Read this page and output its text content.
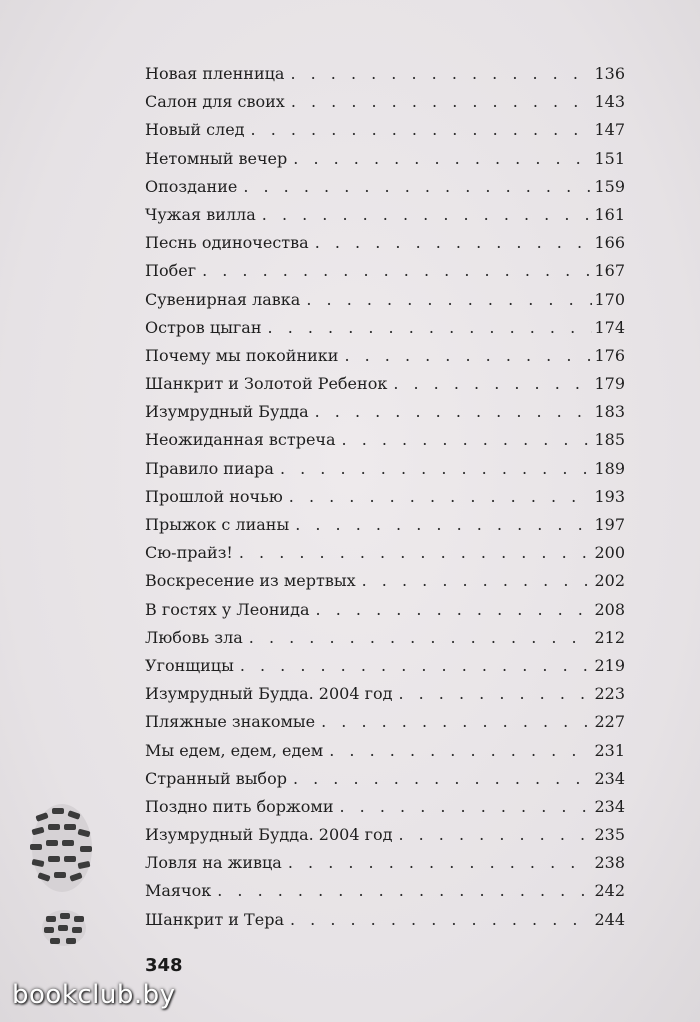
Новая пленница . . .	136
Салон для своих . . .	143
Новый след . . .	147
Нетомный вечер . . .	151
Опоздание . . .	159
Чужая вилла . . .	161
Песнь одиночества . . .	166
Побег . . .	167
Сувенирная лавка . . .	170
Остров цыган . . .	174
Почему мы покойники . . .	176
Шанкрит и Золотой Ребенок . . .	179
Изумрудный Будда . . .	183
Неожиданная встреча . . .	185
Правило пиара . . .	189
Прошлой ночью . . .	193
Прыжок с лианы . . .	197
Сю-прайз! . . .	200
Воскресение из мертвых . . .	202
В гостях у Леонида . . .	208
Любовь зла . . .	212
Угонщицы . . .	219
Изумрудный Будда. 2004 год . . .	223
Пляжные знакомые . . .	227
Мы едем, едем, едем . . .	231
Странный выбор . . .	234
Поздно пить боржоми . . .	234
Изумрудный Будда. 2004 год . . .	235
Ловля на живца . . .	238
Маячок . . .	242
Шанкрит и Тера . . .	244
348
bookclub.by
